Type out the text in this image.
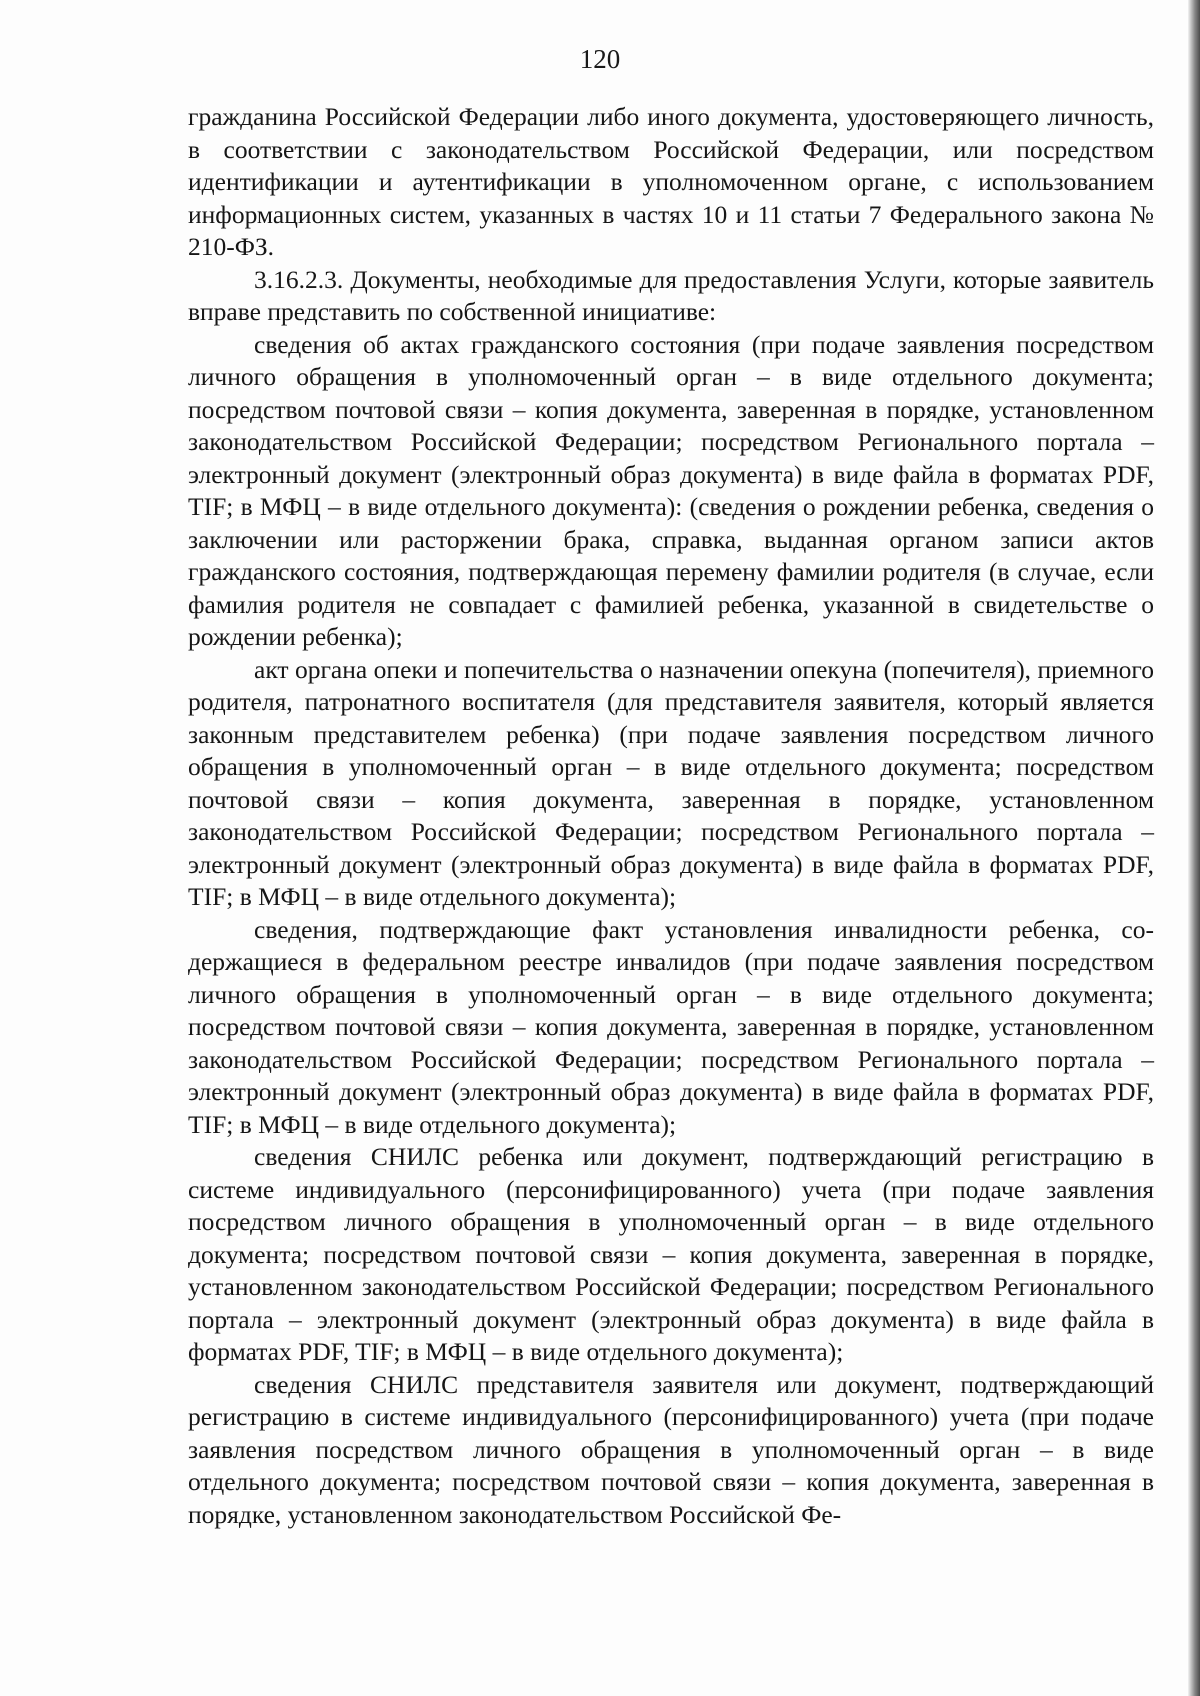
120

гражданина Российской Федерации либо иного документа, удостоверяющего личность, в соответствии с законодательством Российской Федерации, или посредством идентификации и аутентификации в уполномоченном органе, с использованием информационных систем, указанных в частях 10 и 11 статьи 7 Федерального закона № 210-ФЗ.

3.16.2.3. Документы, необходимые для предоставления Услуги, которые заявитель вправе представить по собственной инициативе:

сведения об актах гражданского состояния (при подаче заявления посредством личного обращения в уполномоченный орган – в виде отдельного документа; посредством почтовой связи – копия документа, заверенная в порядке, установленном законодательством Российской Федерации; посредством Регионального портала – электронный документ (электронный образ документа) в виде файла в форматах PDF, TIF; в МФЦ – в виде отдельного документа): (сведения о рождении ребенка, сведения о заключении или расторжении брака, справка, выданная органом записи актов гражданского состояния, подтверждающая перемену фамилии родителя (в случае, если фамилия родителя не совпадает с фамилией ребенка, указанной в свидетельстве о рождении ребенка);

акт органа опеки и попечительства о назначении опекуна (попечителя), приемного родителя, патронатного воспитателя (для представителя заявителя, который является законным представителем ребенка) (при подаче заявления посредством личного обращения в уполномоченный орган – в виде отдельного документа; посредством почтовой связи – копия документа, заверенная в порядке, установленном законодательством Российской Федерации; посредством Регионального портала – электронный документ (электронный образ документа) в виде файла в форматах PDF, TIF; в МФЦ – в виде отдельного документа);

сведения, подтверждающие факт установления инвалидности ребенка, содержащиеся в федеральном реестре инвалидов (при подаче заявления посредством личного обращения в уполномоченный орган – в виде отдельного документа; посредством почтовой связи – копия документа, заверенная в порядке, установленном законодательством Российской Федерации; посредством Регионального портала – электронный документ (электронный образ документа) в виде файла в форматах PDF, TIF; в МФЦ – в виде отдельного документа);

сведения СНИЛС ребенка или документ, подтверждающий регистрацию в системе индивидуального (персонифицированного) учета (при подаче заявления посредством личного обращения в уполномоченный орган – в виде отдельного документа; посредством почтовой связи – копия документа, заверенная в порядке, установленном законодательством Российской Федерации; посредством Регионального портала – электронный документ (электронный образ документа) в виде файла в форматах PDF, TIF; в МФЦ – в виде отдельного документа);

сведения СНИЛС представителя заявителя или документ, подтверждающий регистрацию в системе индивидуального (персонифицированного) учета (при подаче заявления посредством личного обращения в уполномоченный орган – в виде отдельного документа; посредством почтовой связи – копия документа, заверенная в порядке, установленном законодательством Российской Фе-
